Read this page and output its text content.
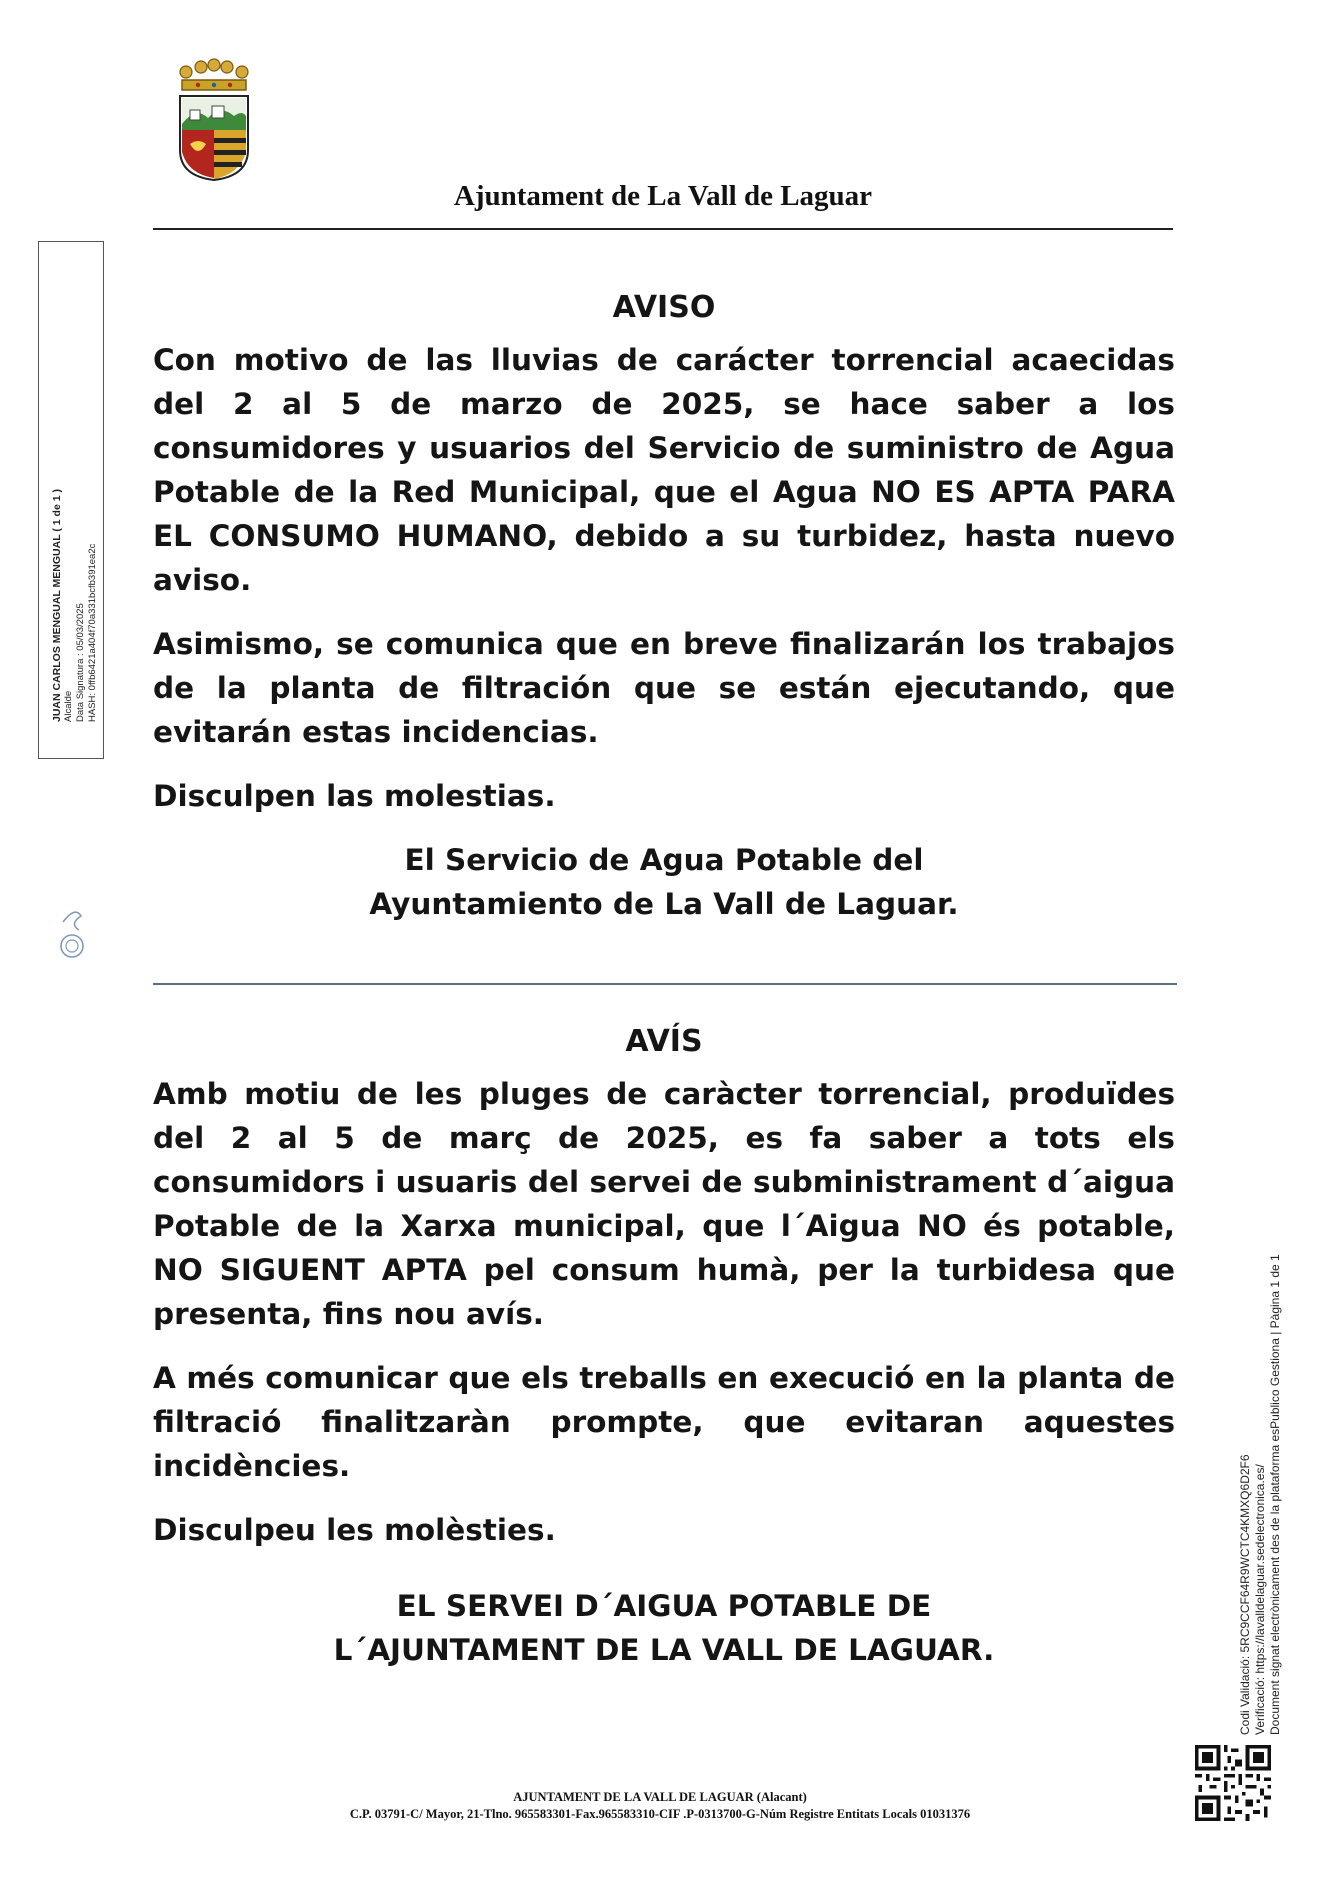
Ajuntament de La Vall de Laguar
JUAN CARLOS MENGUAL MENGUAL ( 1 de 1 ) Alcalde Data Signatura : 05/03/2025 HASH: 0ffb6421a404f70a331bcfb391ea2c
AVISO

Con motivo de las lluvias de carácter torrencial acaecidas del 2 al 5 de marzo de 2025, se hace saber a los consumidores y usuarios del Servicio de suministro de Agua Potable de la Red Municipal, que el Agua NO ES APTA PARA EL CONSUMO HUMANO, debido a su turbidez, hasta nuevo aviso.

Asimismo, se comunica que en breve finalizarán los trabajos de la planta de filtración que se están ejecutando, que evitarán estas incidencias.

Disculpen las molestias.

El Servicio de Agua Potable del
Ayuntamiento de La Vall de Laguar.
AVÍS

Amb motiu de les pluges de caràcter torrencial, produïdes del 2 al 5 de març de 2025, es fa saber a tots els consumidors i usuaris del servei de subministrament d´aigua Potable de la Xarxa municipal, que l´Aigua NO és potable, NO SIGUENT APTA pel consum humà, per la turbidesa que presenta, fins nou avís.

A més comunicar que els treballs en execució en la planta de filtració finalitzaràn prompte, que evitaran aquestes incidències.

Disculpeu les molèsties.

EL SERVEI D´AIGUA POTABLE DE
L´AJUNTAMENT DE LA VALL DE LAGUAR.	Codi Validació: 5RC9CCF64R9WCTC4KMXQ6D2F6 Verificació: https://lavalldelaguar.sedelectronica.es/ Document signat electrònicament des de la plataforma esPublico Gestiona | Pàgina 1 de 1
AJUNTAMENT DE LA VALL DE LAGUAR (Alacant)
C.P. 03791-C/ Mayor, 21-Tlno. 965583301-Fax.965583310-CIF .P-0313700-G-Núm Registre Entitats Locals 01031376
